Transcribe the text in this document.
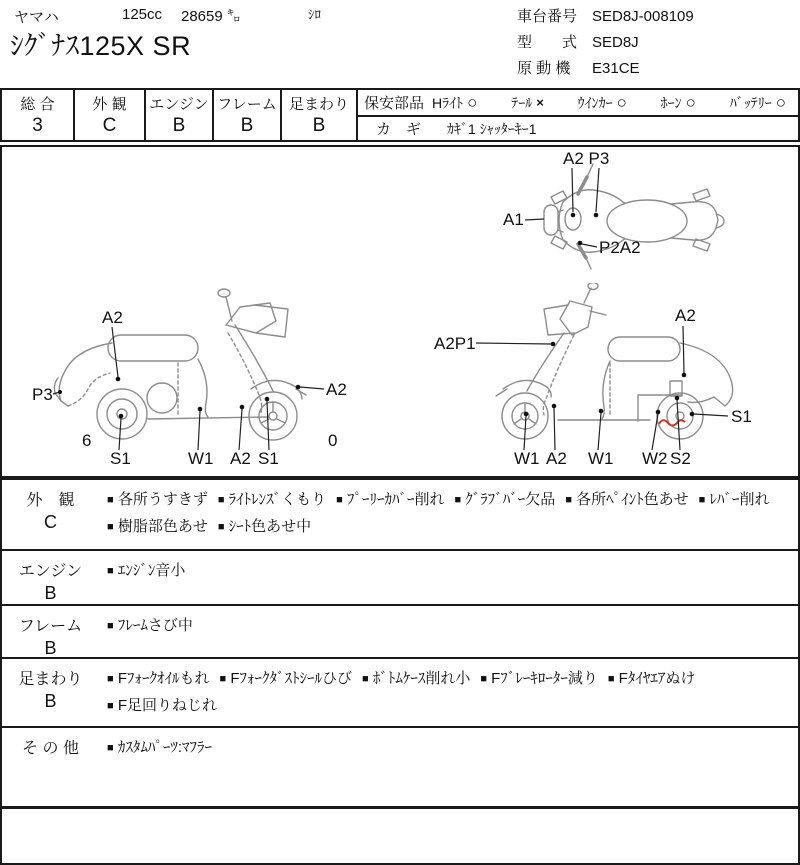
ヤマハ	125cc 28659 ㌔	ｼﾛ
ｼｸﾞﾅｽ125X SR
車台番号 SED8J-008109
型　　式 SED8J
原 動 機 E31CE
総 合
3
外 観
C
エンジン
B
フレーム
B
足まわり
B
保安部品 Hﾗｲﾄ ○ ﾃｰﾙ × ｳｲﾝｶｰ ○ ﾎｰﾝ ○ ﾊﾞｯﾃﾘｰ ○
カ　ギ ｶｷﾞ1 ｼｬｯﾀｰｷｰ1
A2 P3
A1
P2A2
A2
P3
6
S1	W1 A2 S1
A2
0
A2P1
A2
S1
W1 A2 W1 W2 S2
外　観
C
■ 各所うすきず ■ ﾗｲﾄﾚﾝｽﾞくもり ■ ﾌﾟｰﾘｰｶﾊﾞｰ削れ ■ ｸﾞﾗﾌﾞﾊﾞｰ欠品 ■ 各所ﾍﾟｲﾝﾄ色あせ ■ ﾚﾊﾞｰ削れ■ 樹脂部色あせ ■ ｼｰﾄ色あせ中
エンジン
B
■ ｴﾝｼﾞﾝ音小
フレーム
B
■ ﾌﾚｰﾑさび中
足まわり
B
■ Fﾌｫｰｸｵｲﾙもれ ■ Fﾌｫｰｸﾀﾞｽﾄｼｰﾙひび ■ ﾎﾞﾄﾑｹｰｽ削れ小 ■ Fﾌﾞﾚｰｷﾛｰﾀｰ減り ■ Fﾀｲﾔｴｱぬけ■ F足回りねじれ
そ の 他	■ ｶｽﾀﾑﾊﾟｰﾂ:ﾏﾌﾗｰ
